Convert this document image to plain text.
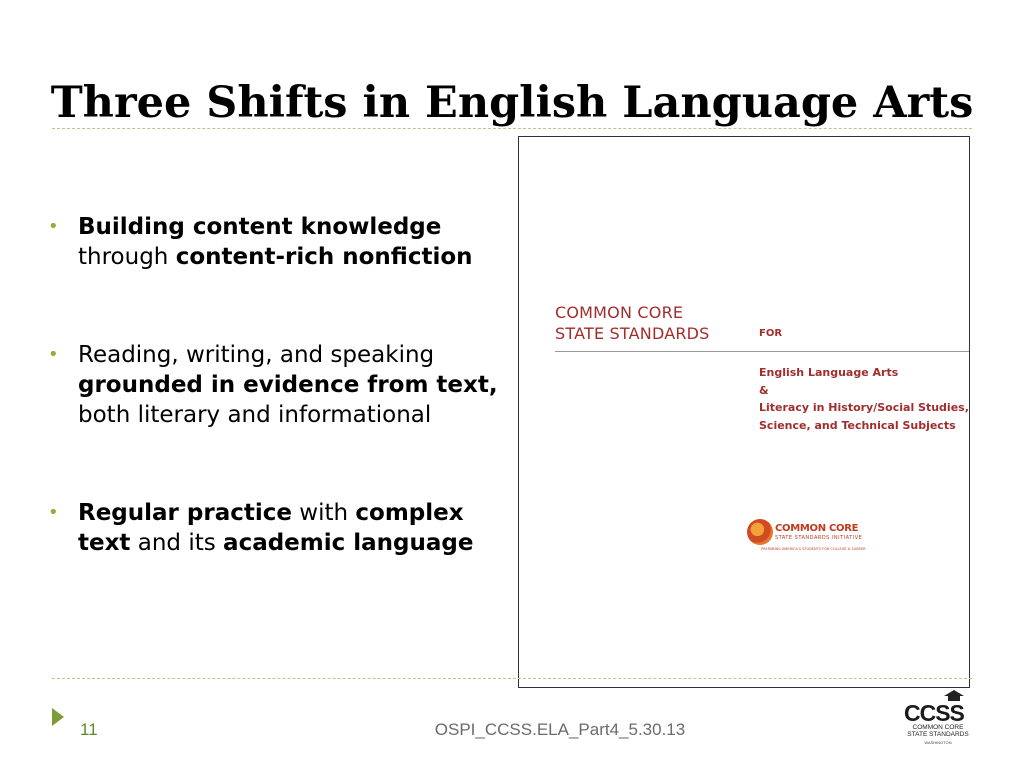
Three Shifts in English Language Arts
• Building content knowledge through content-rich nonfiction
• Reading, writing, and speaking grounded in evidence from text, both literary and informational
• Regular practice with complex text and its academic language
COMMON CORE
STATE STANDARDS	FOR
English Language Arts
&
Literacy in History/Social Studies,
Science, and Technical Subjects
COMMON CORE
STATE STANDARDS INITIATIVE
PREPARING AMERICA'S STUDENTS FOR COLLEGE & CAREER
11	OSPI_CCSS.ELA_Part4_5.30.13
CCSS
COMMON CORE
STATE STANDARDS
WASHINGTON
